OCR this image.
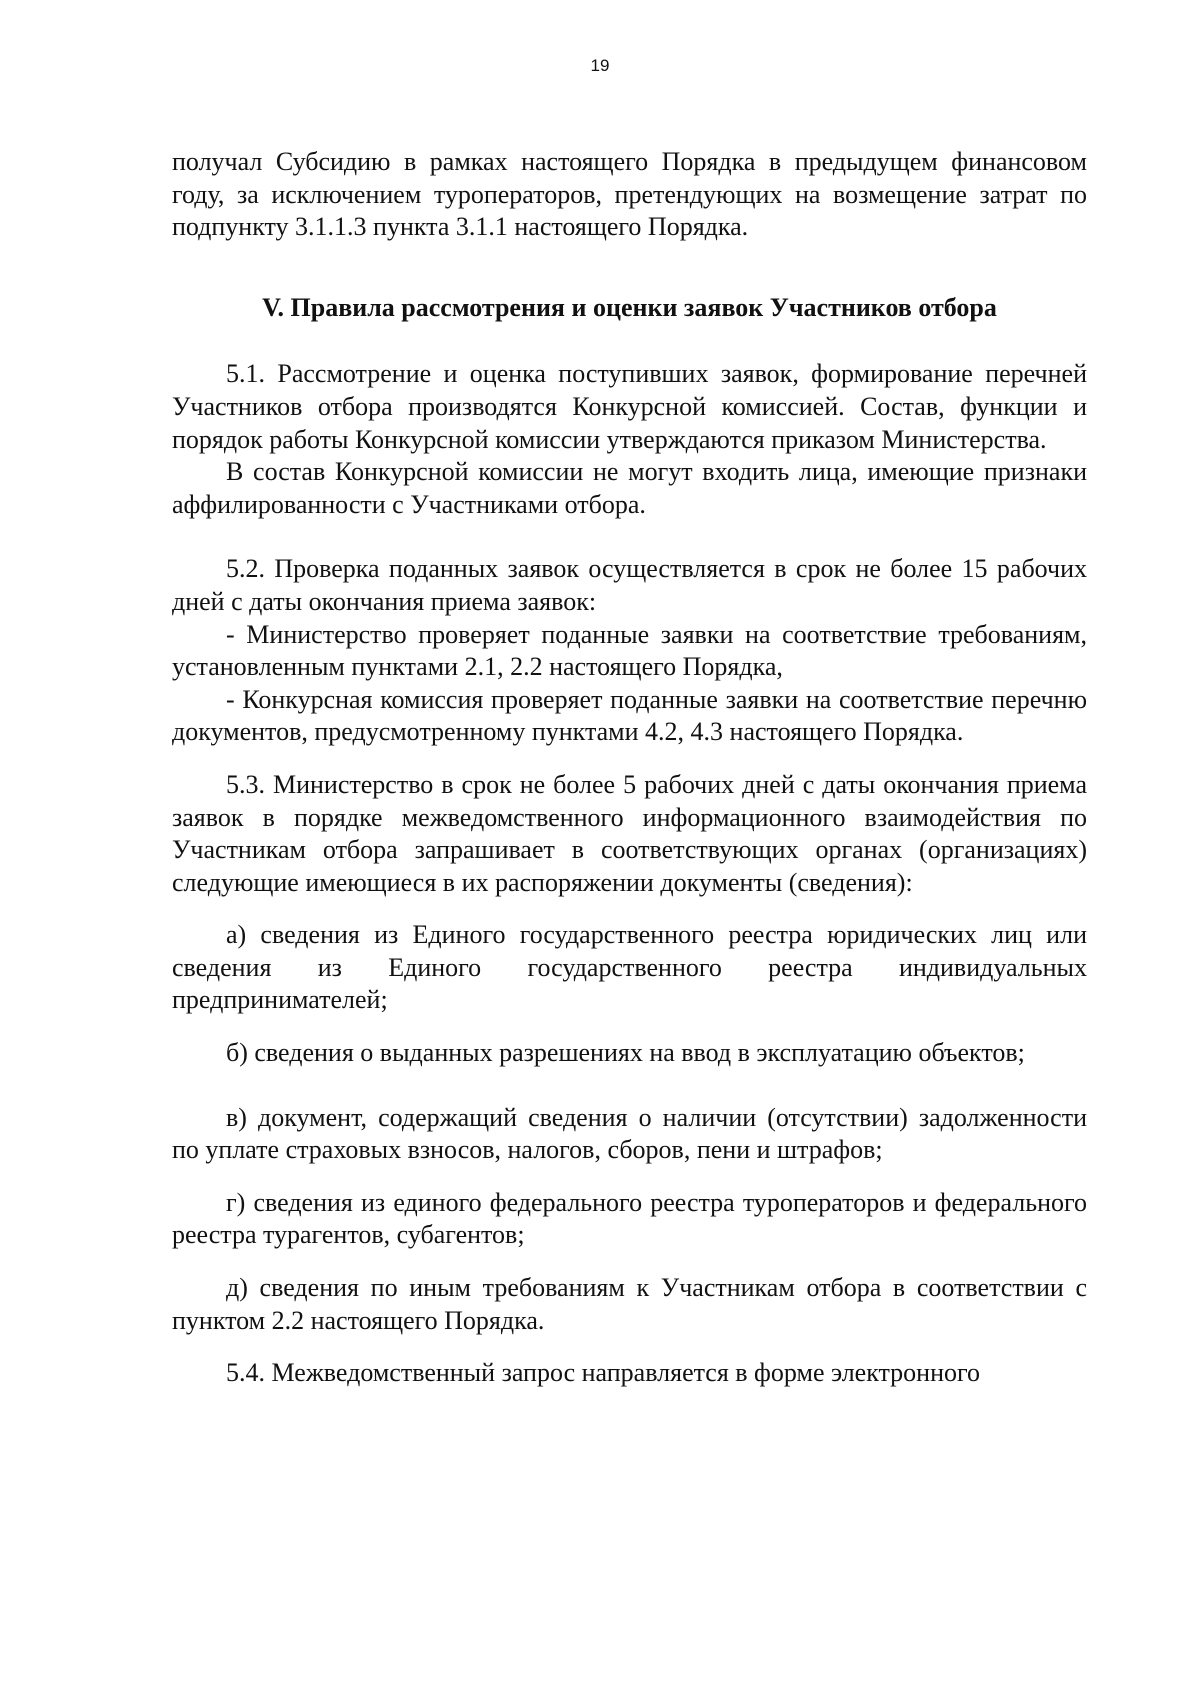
19

получал Субсидию в рамках настоящего Порядка в предыдущем финансовом году, за исключением туроператоров, претендующих на возмещение затрат по подпункту 3.1.1.3 пункта 3.1.1 настоящего Порядка.

V. Правила рассмотрения и оценки заявок Участников отбора

5.1. Рассмотрение и оценка поступивших заявок, формирование перечней Участников отбора производятся Конкурсной комиссией. Состав, функции и порядок работы Конкурсной комиссии утверждаются приказом Министерства.

В состав Конкурсной комиссии не могут входить лица, имеющие признаки аффилированности с Участниками отбора.

5.2. Проверка поданных заявок осуществляется в срок не более 15 рабочих дней с даты окончания приема заявок:

- Министерство проверяет поданные заявки на соответствие требованиям, установленным пунктами 2.1, 2.2 настоящего Порядка,

- Конкурсная комиссия проверяет поданные заявки на соответствие перечню документов, предусмотренному пунктами 4.2, 4.3 настоящего Порядка.

5.3. Министерство в срок не более 5 рабочих дней с даты окончания приема заявок в порядке межведомственного информационного взаимодействия по Участникам отбора запрашивает в соответствующих органах (организациях) следующие имеющиеся в их распоряжении документы (сведения):

а) сведения из Единого государственного реестра юридических лиц или сведения из Единого государственного реестра индивидуальных предпринимателей;

б) сведения о выданных разрешениях на ввод в эксплуатацию объектов;

в) документ, содержащий сведения о наличии (отсутствии) задолженности по уплате страховых взносов, налогов, сборов, пени и штрафов;

г) сведения из единого федерального реестра туроператоров и федерального реестра турагентов, субагентов;

д) сведения по иным требованиям к Участникам отбора в соответствии с пунктом 2.2 настоящего Порядка.

5.4. Межведомственный запрос направляется в форме электронного
